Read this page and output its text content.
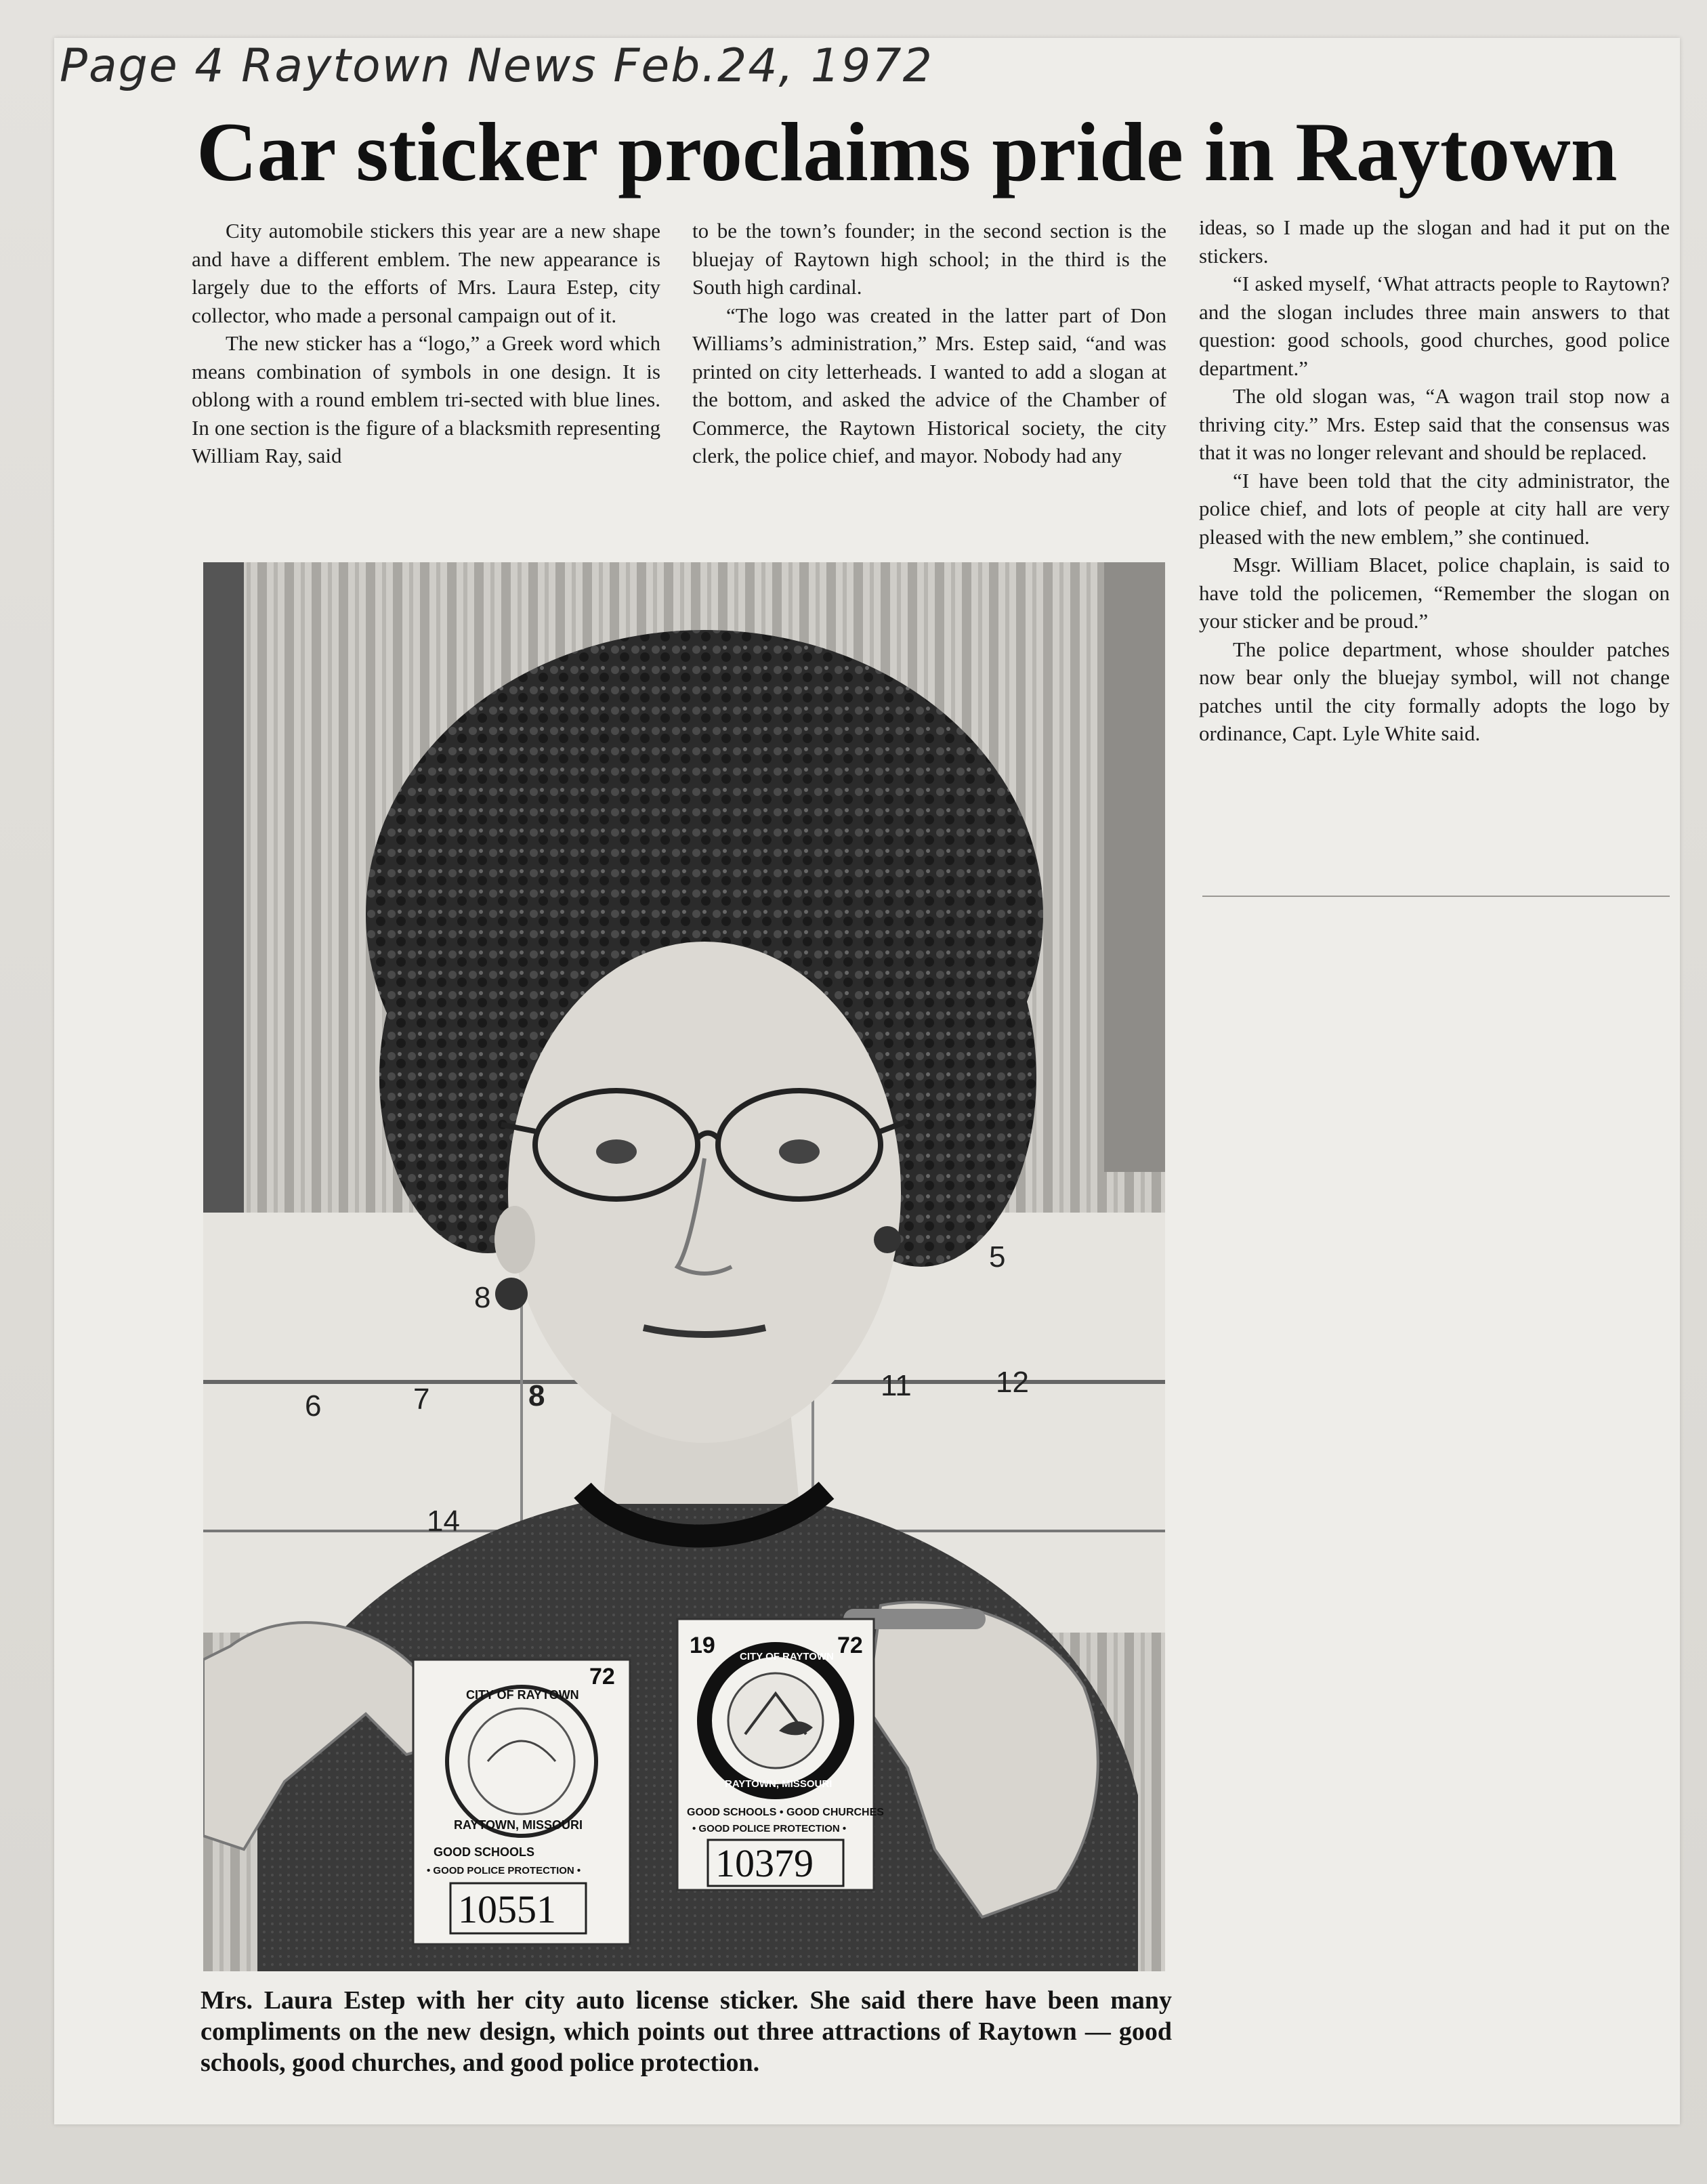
Page 4 Raytown News Feb.24, 1972
Car sticker proclaims pride in Raytown

City automobile stickers this year are a new shape and have a different emblem. The new appearance is largely due to the efforts of Mrs. Laura Estep, city collector, who made a personal campaign out of it.

The new sticker has a “logo,” a Greek word which means combination of symbols in one design. It is oblong with a round emblem tri-sected with blue lines. In one section is the figure of a blacksmith representing William Ray, said

to be the town’s founder; in the second section is the bluejay of Raytown high school; in the third is the South high cardinal.

“The logo was created in the latter part of Don Williams’s administration,” Mrs. Estep said, “and was printed on city letterheads. I wanted to add a slogan at the bottom, and asked the advice of the Chamber of Commerce, the Raytown Historical society, the city clerk, the police chief, and mayor. Nobody had any

ideas, so I made up the slogan and had it put on the stickers.

“I asked myself, ‘What attracts people to Raytown? and the slogan includes three main answers to that question: good schools, good churches, good police department.”

The old slogan was, “A wagon trail stop now a thriving city.” Mrs. Estep said that the consensus was that it was no longer relevant and should be replaced.

“I have been told that the city administrator, the police chief, and lots of people at city hall are very pleased with the new emblem,” she continued.

Msgr. William Blacet, police chaplain, is said to have told the policemen, “Remember the slogan on your sticker and be proud.”

The police department, whose shoulder patches now bear only the bluejay symbol, will not change patches until the city formally adopts the logo by ordinance, Capt. Lyle White said.

5
8
6	7	8	11	12
14
72
CITY OF RAYTOWN
RAYTOWN, MISSOURI
GOOD SCHOOLS
• GOOD POLICE PROTECTION •
10551
19	72
CITY OF RAYTOWN
RAYTOWN, MISSOURI
GOOD SCHOOLS • GOOD CHURCHES
• GOOD POLICE PROTECTION •
10379
Mrs. Laura Estep with her city auto license sticker. She said there have been many compliments on the new design, which points out three attractions of Raytown — good schools, good churches, and good police protection.
